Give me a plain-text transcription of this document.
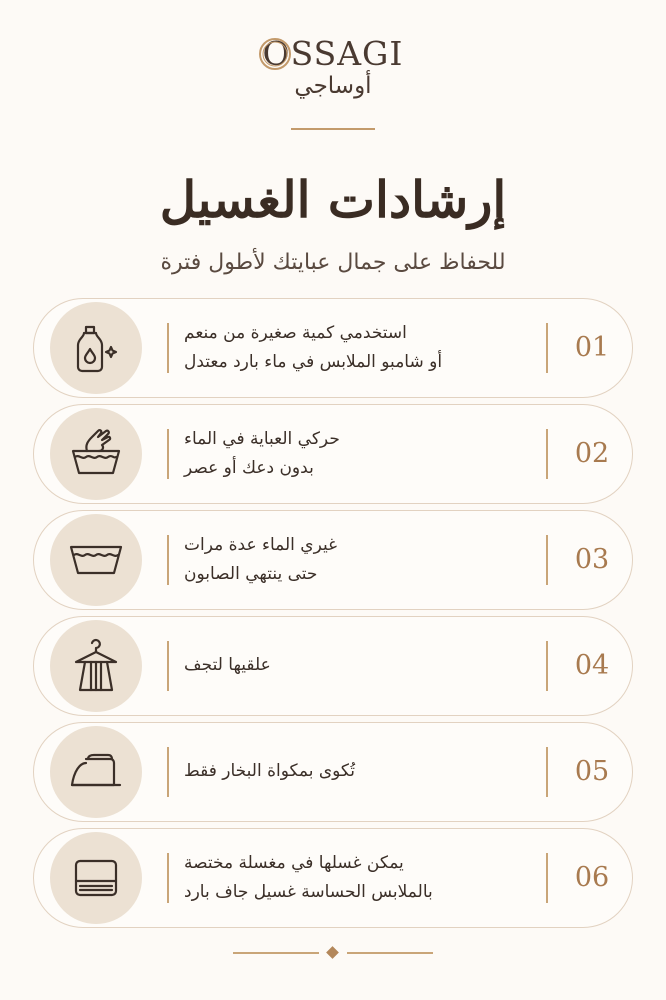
OSSAGI
أوساجي
إرشادات الغسيل
للحفاظ على جمال عبايتك لأطول فترة
استخدمي كمية صغيرة من منعم
أو شامبو الملابس في ماء بارد معتدل	01
حركي العباية في الماء
بدون دعك أو عصر	02
غيري الماء عدة مرات
حتى ينتهي الصابون	03
علقيها لتجف	04
تُكوى بمكواة البخار فقط	05
يمكن غسلها في مغسلة مختصة
بالملابس الحساسة غسيل جاف بارد	06
